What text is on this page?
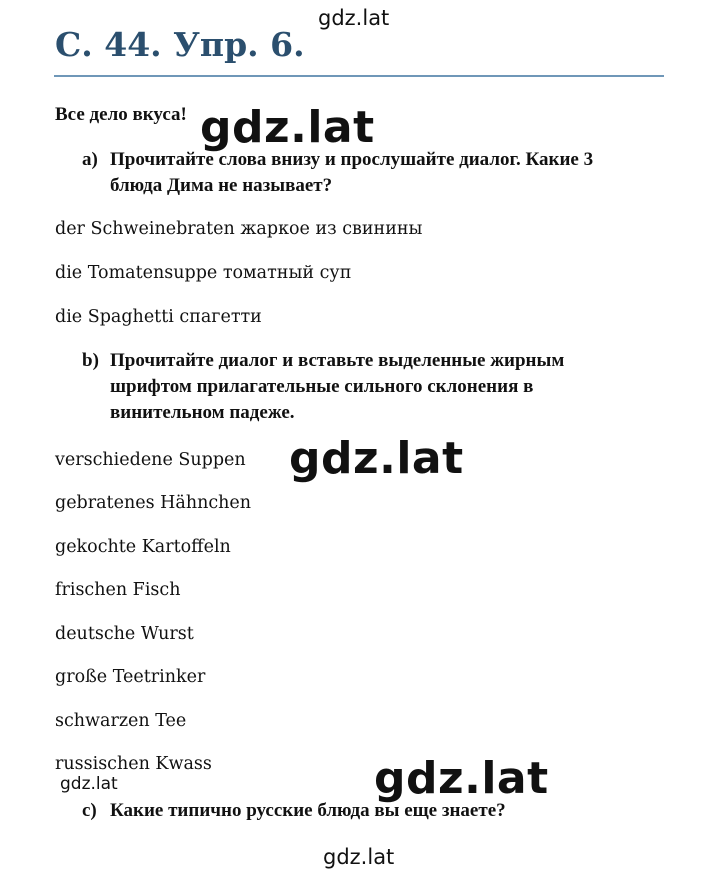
gdz.lat
gdz.lat
gdz.lat
gdz.lat
gdz.lat
gdz.lat
С. 44. Упр. 6.
Все дело вкуса!
a) Прочитайте слова внизу и прослушайте диалог. Какие 3
блюда Дима не называет?
der Schweinebraten жаркое из свинины
die Tomatensuppe томатный суп
die Spaghetti спагетти
b) Прочитайте диалог и вставьте выделенные жирным
шрифтом прилагательные сильного склонения в
винительном падеже.
verschiedene Suppen
gebratenes Hähnchen
gekochte Kartoffeln
frischen Fisch
deutsche Wurst
große Teetrinker
schwarzen Tee
russischen Kwass
c) Какие типично русские блюда вы еще знаете?
